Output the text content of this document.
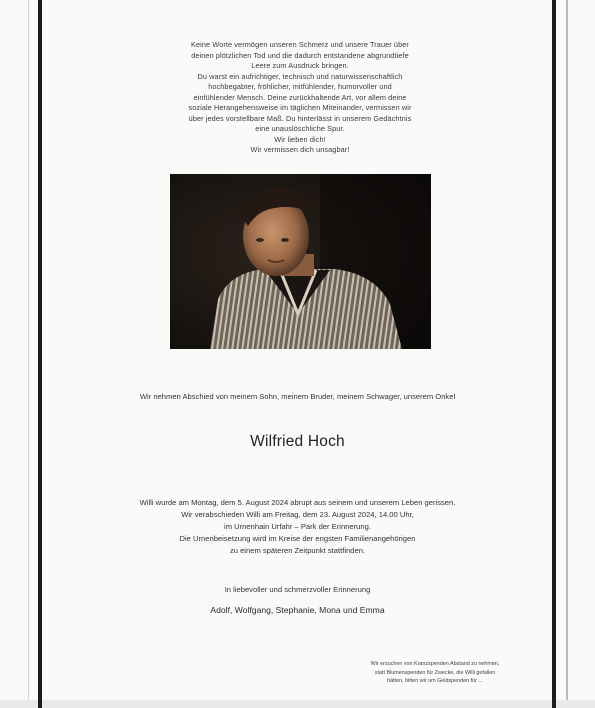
Keine Worte vermögen unseren Schmerz und unsere Trauer über
deinen plötzlichen Tod und die dadurch entstandene abgrundtiefe
Leere zum Ausdruck bringen.
Du warst ein aufrichtiger, technisch und naturwissenschaftlich
hochbegabter, fröhlicher, mitfühlender, humorvoller und
einfühlender Mensch. Deine zurückhaltende Art, vor allem deine
soziale Herangehensweise im täglichen Miteinander, vermissen wir
über jedes vorstellbare Maß. Du hinterlässt in unserem Gedächtnis
eine unauslöschliche Spur.
Wir lieben dich!
Wir vermissen dich unsagbar!
Wir nehmen Abschied von meinem Sohn, meinem Bruder, meinem Schwager, unserem Onkel
Wilfried Hoch
Willi wurde am Montag, dem 5. August 2024 abrupt aus seinem und unserem Leben gerissen.
Wir verabschieden Willi am Freitag, dem 23. August 2024, 14.00 Uhr,
im Urnenhain Urfahr – Park der Erinnerung.
Die Urnenbeisetzung wird im Kreise der engsten Familienangehörigen
zu einem späteren Zeitpunkt stattfinden.
In liebevoller und schmerzvoller Erinnerung
Adolf, Wolfgang, Stephanie, Mona und Emma
Wir ersuchen von Kranzspenden Abstand zu nehmen,
statt Blumenspenden für Zwecke, die Willi gefallen
hätten, bitten wir um Geldspenden für ...
